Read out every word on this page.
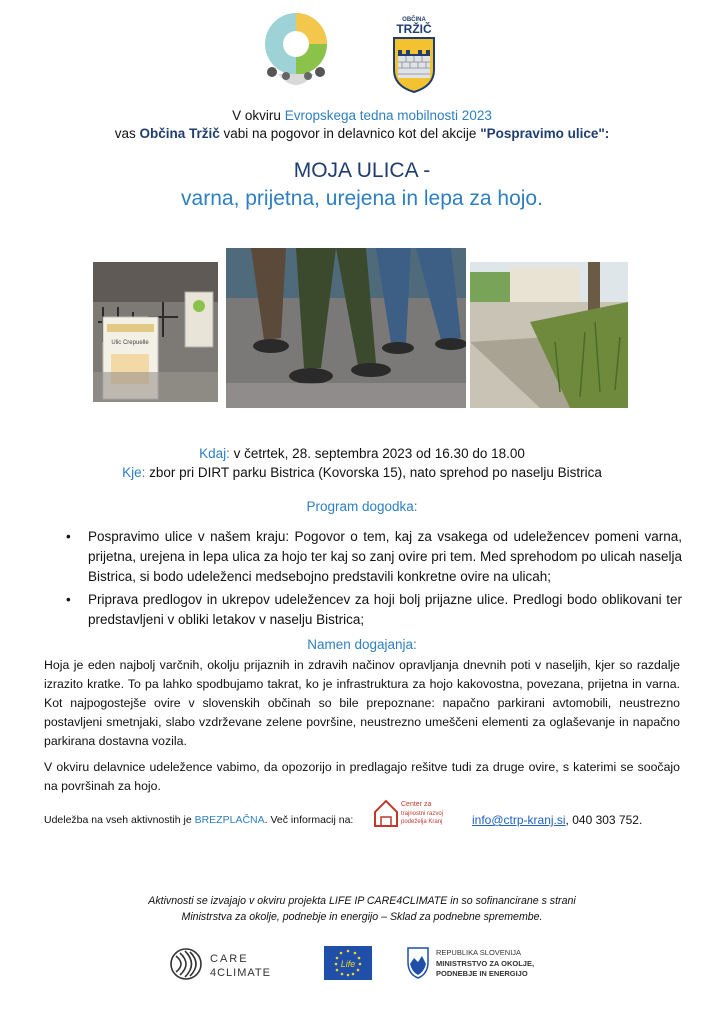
OBČINA
TRŽIČ
V okviru Evropskega tedna mobilnosti 2023
vas Občina Tržič vabi na pogovor in delavnico kot del akcije "Pospravimo ulice":
MOJA ULICA -
varna, prijetna, urejena in lepa za hojo.
Ulic Crepuelle
Kdaj: v četrtek, 28. septembra 2023 od 16.30 do 18.00
Kje: zbor pri DIRT parku Bistrica (Kovorska 15), nato sprehod po naselju Bistrica
Program dogodka:
• Pospravimo ulice v našem kraju: Pogovor o tem, kaj za vsakega od udeležencev pomeni varna, prijetna, urejena in lepa ulica za hojo ter kaj so zanj ovire pri tem. Med sprehodom po ulicah naselja Bistrica, si bodo udeleženci medsebojno predstavili konkretne ovire na ulicah;
• Priprava predlogov in ukrepov udeležencev za hoji bolj prijazne ulice. Predlogi bodo oblikovani ter predstavljeni v obliki letakov v naselju Bistrica;
Namen dogajanja:
Hoja je eden najbolj varčnih, okolju prijaznih in zdravih načinov opravljanja dnevnih poti v naseljih, kjer so razdalje izrazito kratke. To pa lahko spodbujamo takrat, ko je infrastruktura za hojo kakovostna, povezana, prijetna in varna. Kot najpogostejše ovire v slovenskih občinah so bile prepoznane: napačno parkirani avtomobili, neustrezno postavljeni smetnjaki, slabo vzdrževane zelene površine, neustrezno umeščeni elementi za oglaševanje in napačno parkirana dostavna vozila.
V okviru delavnice udeležence vabimo, da opozorijo in predlagajo rešitve tudi za druge ovire, s katerimi se soočajo na površinah za hojo.
Udeležba na vseh aktivnostih je BREZPLAČNA. Več informacij na:
Center za
trajnostni razvoj
podeželja Kranj info@ctrp-kranj.si, 040 303 752.
Aktivnosti se izvajajo v okviru projekta LIFE IP CARE4CLIMATE in so sofinancirane s strani
Ministrstva za okolje, podnebje in energijo – Sklad za podnebne spremembe.
CARE
4CLIMATE
Life
REPUBLIKA SLOVENIJA
MINISTRSTVO ZA OKOLJE,
PODNEBJE IN ENERGIJO
